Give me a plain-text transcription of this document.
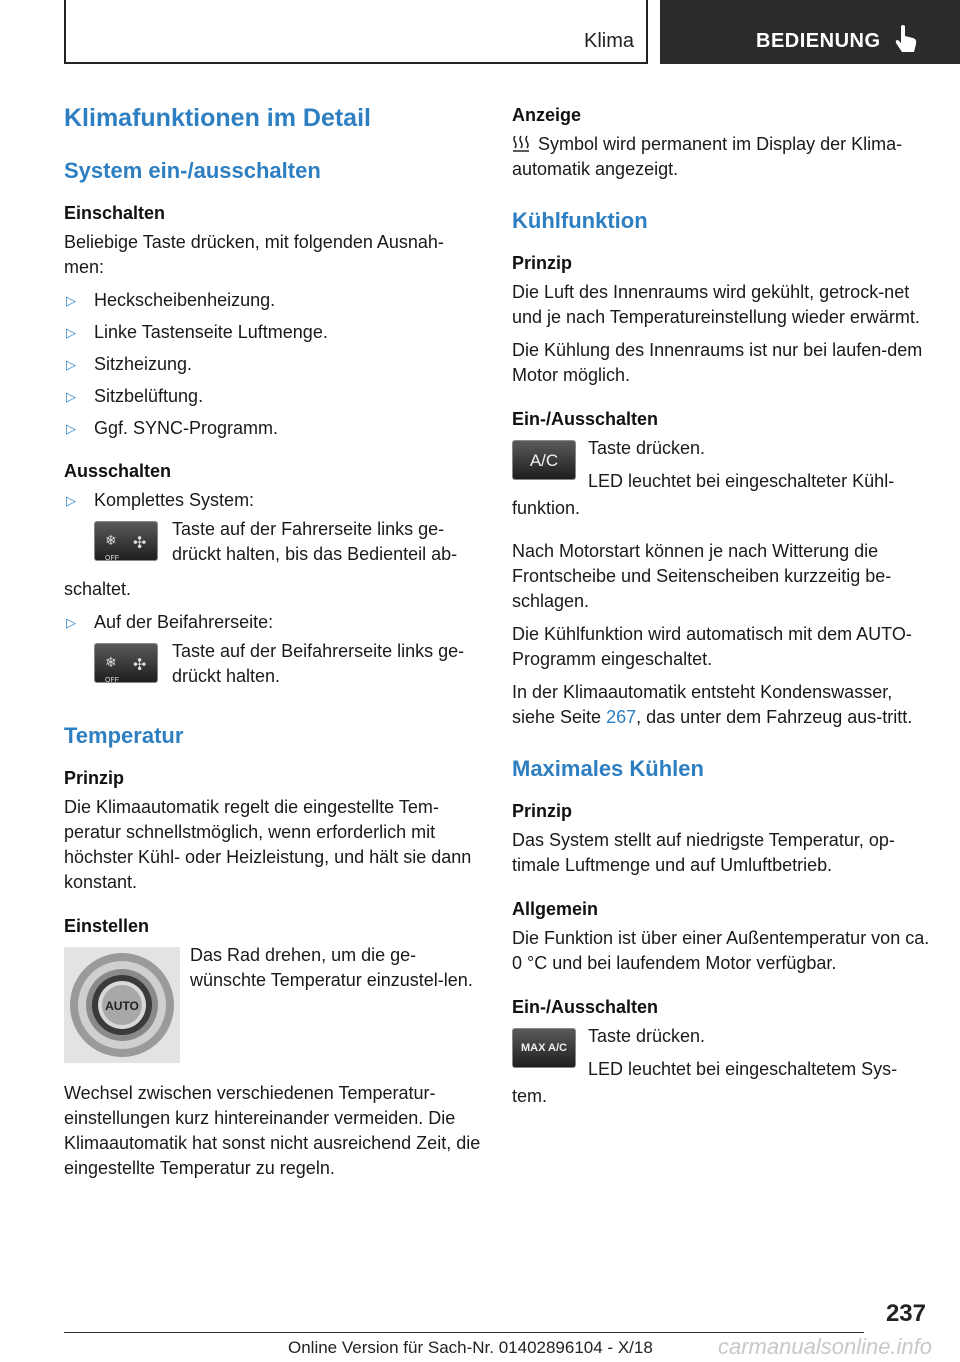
Klima	BEDIENUNG
Klimafunktionen im Detail
System ein-/ausschalten
Einschalten

Beliebige Taste drücken, mit folgenden Ausnah-men:

▷ Heckscheibenheizung.
▷ Linke Tastenseite Luftmenge.
▷ Sitzheizung.
▷ Sitzbelüftung.
▷ Ggf. SYNC-Programm.
Ausschalten
▷ Komplettes System:
❄
OFF
✣
Taste auf der Fahrerseite links ge-drückt halten, bis das Bedienteil ab-

schaltet.

▷ Auf der Beifahrerseite:
❄
OFF
✣
Taste auf der Beifahrerseite links ge-drückt halten.
Temperatur
Prinzip

Die Klimaautomatik regelt die eingestellte Tem-peratur schnellstmöglich, wenn erforderlich mit höchster Kühl- oder Heizleistung, und hält sie dann konstant.

Einstellen
AUTO
Das Rad drehen, um die ge-wünschte Temperatur einzustel-len.

Wechsel zwischen verschiedenen Temperatur-einstellungen kurz hintereinander vermeiden. Die Klimaautomatik hat sonst nicht ausreichend Zeit, die eingestellte Temperatur zu regeln.

Anzeige

Symbol wird permanent im Display der Klima-automatik angezeigt.

Kühlfunktion
Prinzip

Die Luft des Innenraums wird gekühlt, getrock-net und je nach Temperatureinstellung wieder erwärmt.

Die Kühlung des Innenraums ist nur bei laufen-dem Motor möglich.

Ein-/Ausschalten
A/C
Taste drücken.
LED leuchtet bei eingeschalteter Kühl-

funktion.

Nach Motorstart können je nach Witterung die Frontscheibe und Seitenscheiben kurzzeitig be-schlagen.

Die Kühlfunktion wird automatisch mit dem AUTO-Programm eingeschaltet.

In der Klimaautomatik entsteht Kondenswasser, siehe Seite 267, das unter dem Fahrzeug aus-tritt.

Maximales Kühlen
Prinzip

Das System stellt auf niedrigste Temperatur, op-timale Luftmenge und auf Umluftbetrieb.

Allgemein

Die Funktion ist über einer Außentemperatur von ca. 0 °C und bei laufendem Motor verfügbar.

Ein-/Ausschalten
MAX A/C
Taste drücken.
LED leuchtet bei eingeschaltetem Sys-

tem.

237
Online Version für Sach-Nr. 01402896104 - X/18	carmanualsonline.info
